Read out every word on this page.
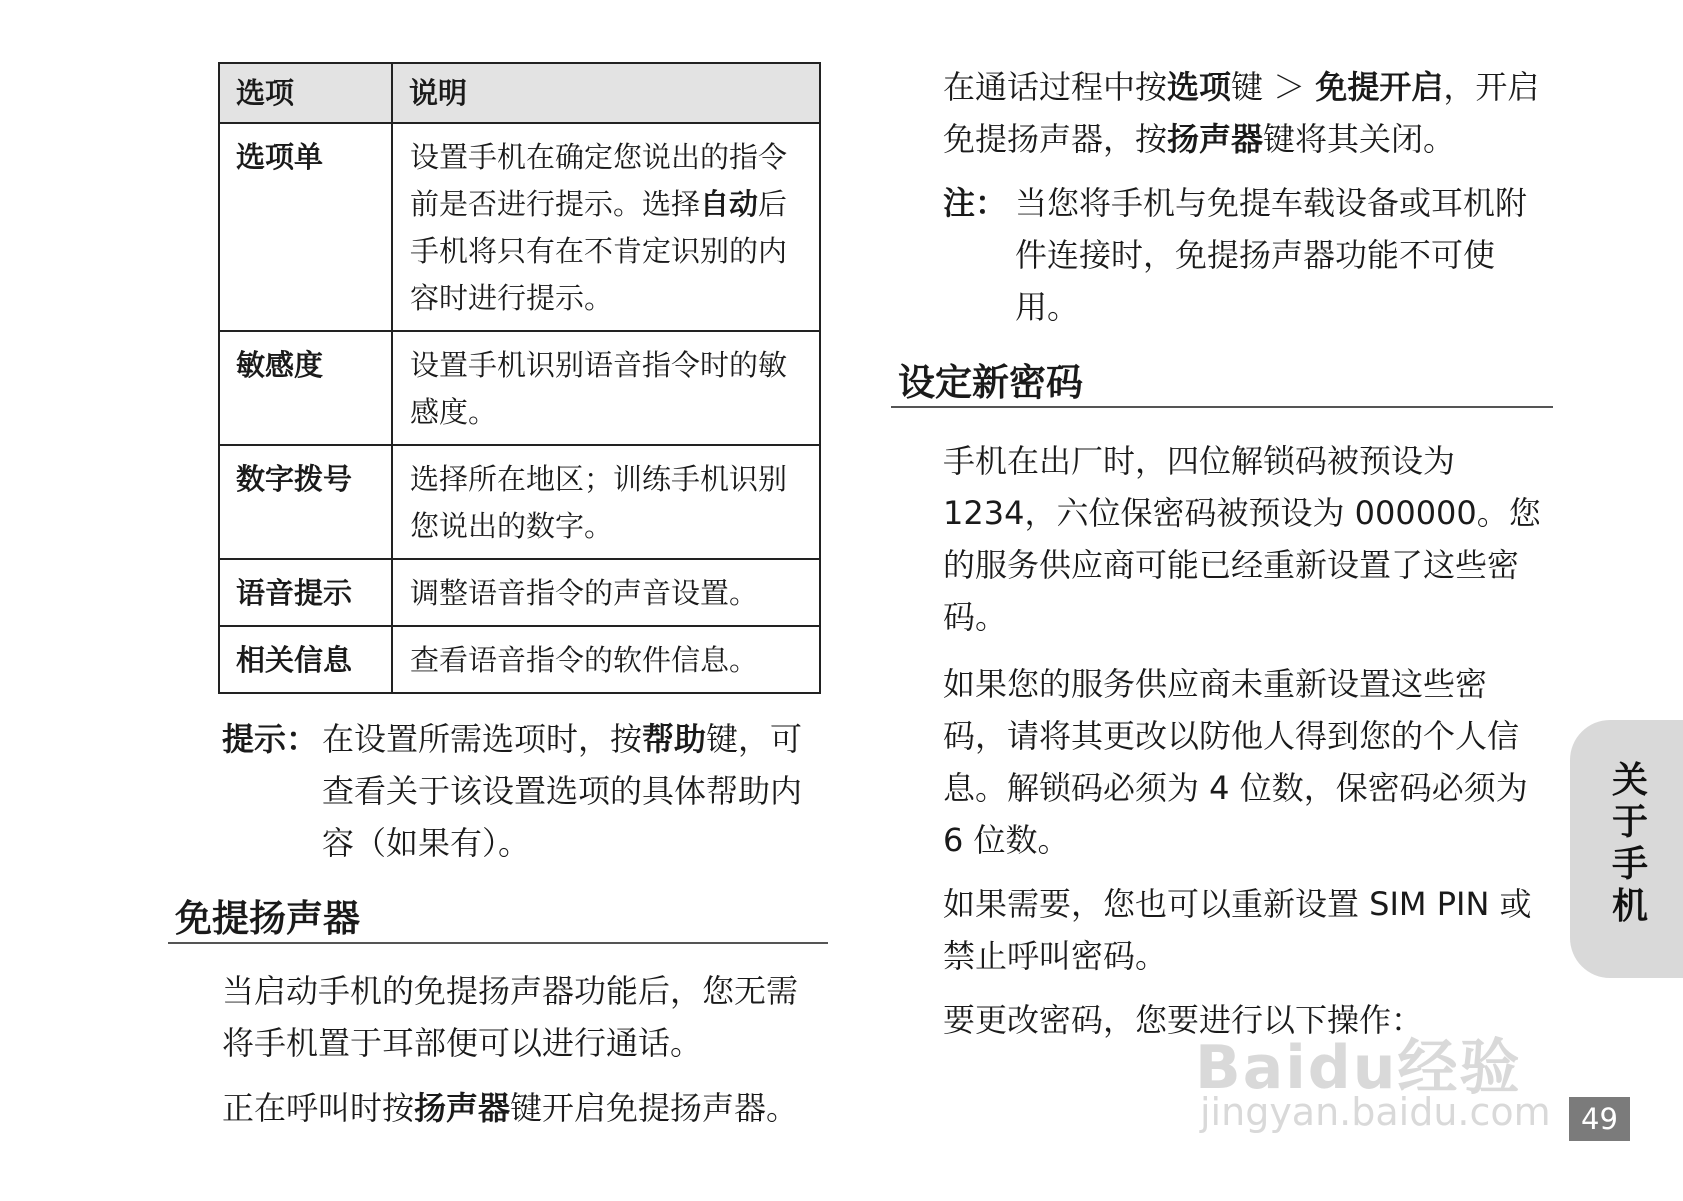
选项	说明
选项单	设置手机在确定您说出的指令前是否进行提示。选择自动后手机将只有在不肯定识别的内容时进行提示。
敏感度	设置手机识别语音指令时的敏感度。
数字拨号	选择所在地区；训练手机识别您说出的数字。
语音提示	调整语音指令的声音设置。
相关信息	查看语音指令的软件信息。
提示： 在设置所需选项时，按帮助键，可查看关于该设置选项的具体帮助内容（如果有）。
免提扬声器
当启动手机的免提扬声器功能后，您无需将手机置于耳部便可以进行通话。
正在呼叫时按扬声器键开启免提扬声器。
在通话过程中按选项键 ＞ 免提开启，开启免提扬声器，按扬声器键将其关闭。
注： 当您将手机与免提车载设备或耳机附件连接时，免提扬声器功能不可使用。
设定新密码
手机在出厂时，四位解锁码被预设为1234，六位保密码被预设为 000000。您的服务供应商可能已经重新设置了这些密码。
如果您的服务供应商未重新设置这些密码，请将其更改以防他人得到您的个人信息。解锁码必须为 4 位数，保密码必须为 6 位数。
如果需要，您也可以重新设置 SIM PIN 或禁止呼叫密码。
要更改密码，您要进行以下操作：
关于手机
Baidu经验
jingyan.baidu.com	49
